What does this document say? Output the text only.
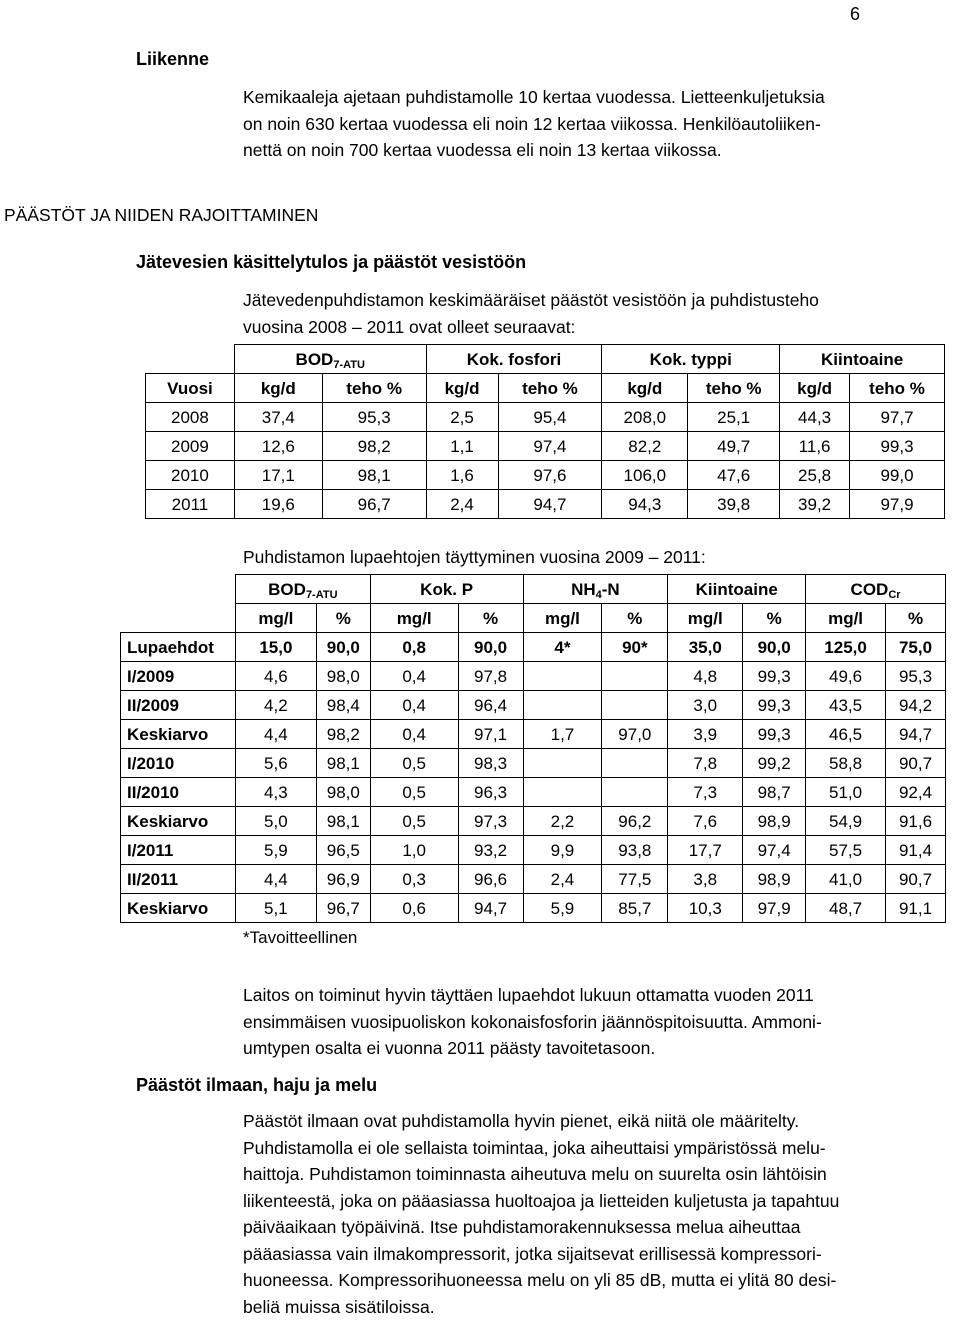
6
Liikenne

Kemikaaleja ajetaan puhdistamolle 10 kertaa vuodessa. Lietteenkuljetuksia

on noin 630 kertaa vuodessa eli noin 12 kertaa viikossa. Henkilöautoliiken-

nettä on noin 700 kertaa vuodessa eli noin 13 kertaa viikossa.

PÄÄSTÖT JA NIIDEN RAJOITTAMINEN
Jätevesien käsittelytulos ja päästöt vesistöön

Jätevedenpuhdistamon keskimääräiset päästöt vesistöön ja puhdistusteho

vuosina 2008 – 2011 ovat olleet seuraavat:

	$BOD_{7-ATU}$		Kok. fosfori		Kok. typpi		Kiintoaine	
Vuosi	kg/d	teho %	kg/d	teho %	kg/d	teho %	kg/d	teho %
2008	37,4	95,3	2,5	95,4	208,0	25,1	44,3	97,7
2009	12,6	98,2	1,1	97,4	82,2	49,7	11,6	99,3
2010	17,1	98,1	1,6	97,6	106,0	47,6	25,8	99,0
2011	19,6	96,7	2,4	94,7	94,3	39,8	39,2	97,9
Puhdistamon lupaehtojen täyttyminen vuosina 2009 – 2011:
	$BOD_{7-ATU}$		Kok. P		$NH_4-N$		Kiintoaine		$COD_{Cr}$
	mg/l	%	mg/l	%	mg/l	%	mg/l	%	mg/l	%
Lupaehdot	15,0	90,0	0,8	90,0	4*	90*	35,0	90,0	125,0	75,0
I/2009	4,6	98,0	0,4	97,8			4,8	99,3	49,6	95,3
II/2009	4,2	98,4	0,4	96,4			3,0	99,3	43,5	94,2
Keskiarvo	4,4	98,2	0,4	97,1	1,7	97,0	3,9	99,3	46,5	94,7
I/2010	5,6	98,1	0,5	98,3			7,8	99,2	58,8	90,7
II/2010	4,3	98,0	0,5	96,3			7,3	98,7	51,0	92,4
Keskiarvo	5,0	98,1	0,5	97,3	2,2	96,2	7,6	98,9	54,9	91,6
I/2011	5,9	96,5	1,0	93,2	9,9	93,8	17,7	97,4	57,5	91,4
II/2011	4,4	96,9	0,3	96,6	2,4	77,5	3,8	98,9	41,0	90,7
Keskiarvo	5,1	96,7	0,6	94,7	5,9	85,7	10,3	97,9	48,7	91,1
*Tavoitteellinen

Laitos on toiminut hyvin täyttäen lupaehdot lukuun ottamatta vuoden 2011

ensimmäisen vuosipuoliskon kokonaisfosforin jäännöspitoisuutta. Ammoni-

umtypen osalta ei vuonna 2011 päästy tavoitetasoon.

Päästöt ilmaan, haju ja melu

Päästöt ilmaan ovat puhdistamolla hyvin pienet, eikä niitä ole määritelty.

Puhdistamolla ei ole sellaista toimintaa, joka aiheuttaisi ympäristössä melu-

haittoja. Puhdistamon toiminnasta aiheutuva melu on suurelta osin lähtöisin

liikenteestä, joka on pääasiassa huoltoajoa ja lietteiden kuljetusta ja tapahtuu

päiväaikaan työpäivinä. Itse puhdistamorakennuksessa melua aiheuttaa

pääasiassa vain ilmakompressorit, jotka sijaitsevat erillisessä kompressori-

huoneessa. Kompressorihuoneessa melu on yli 85 dB, mutta ei ylitä 80 desi-

beliä muissa sisätiloissa.
